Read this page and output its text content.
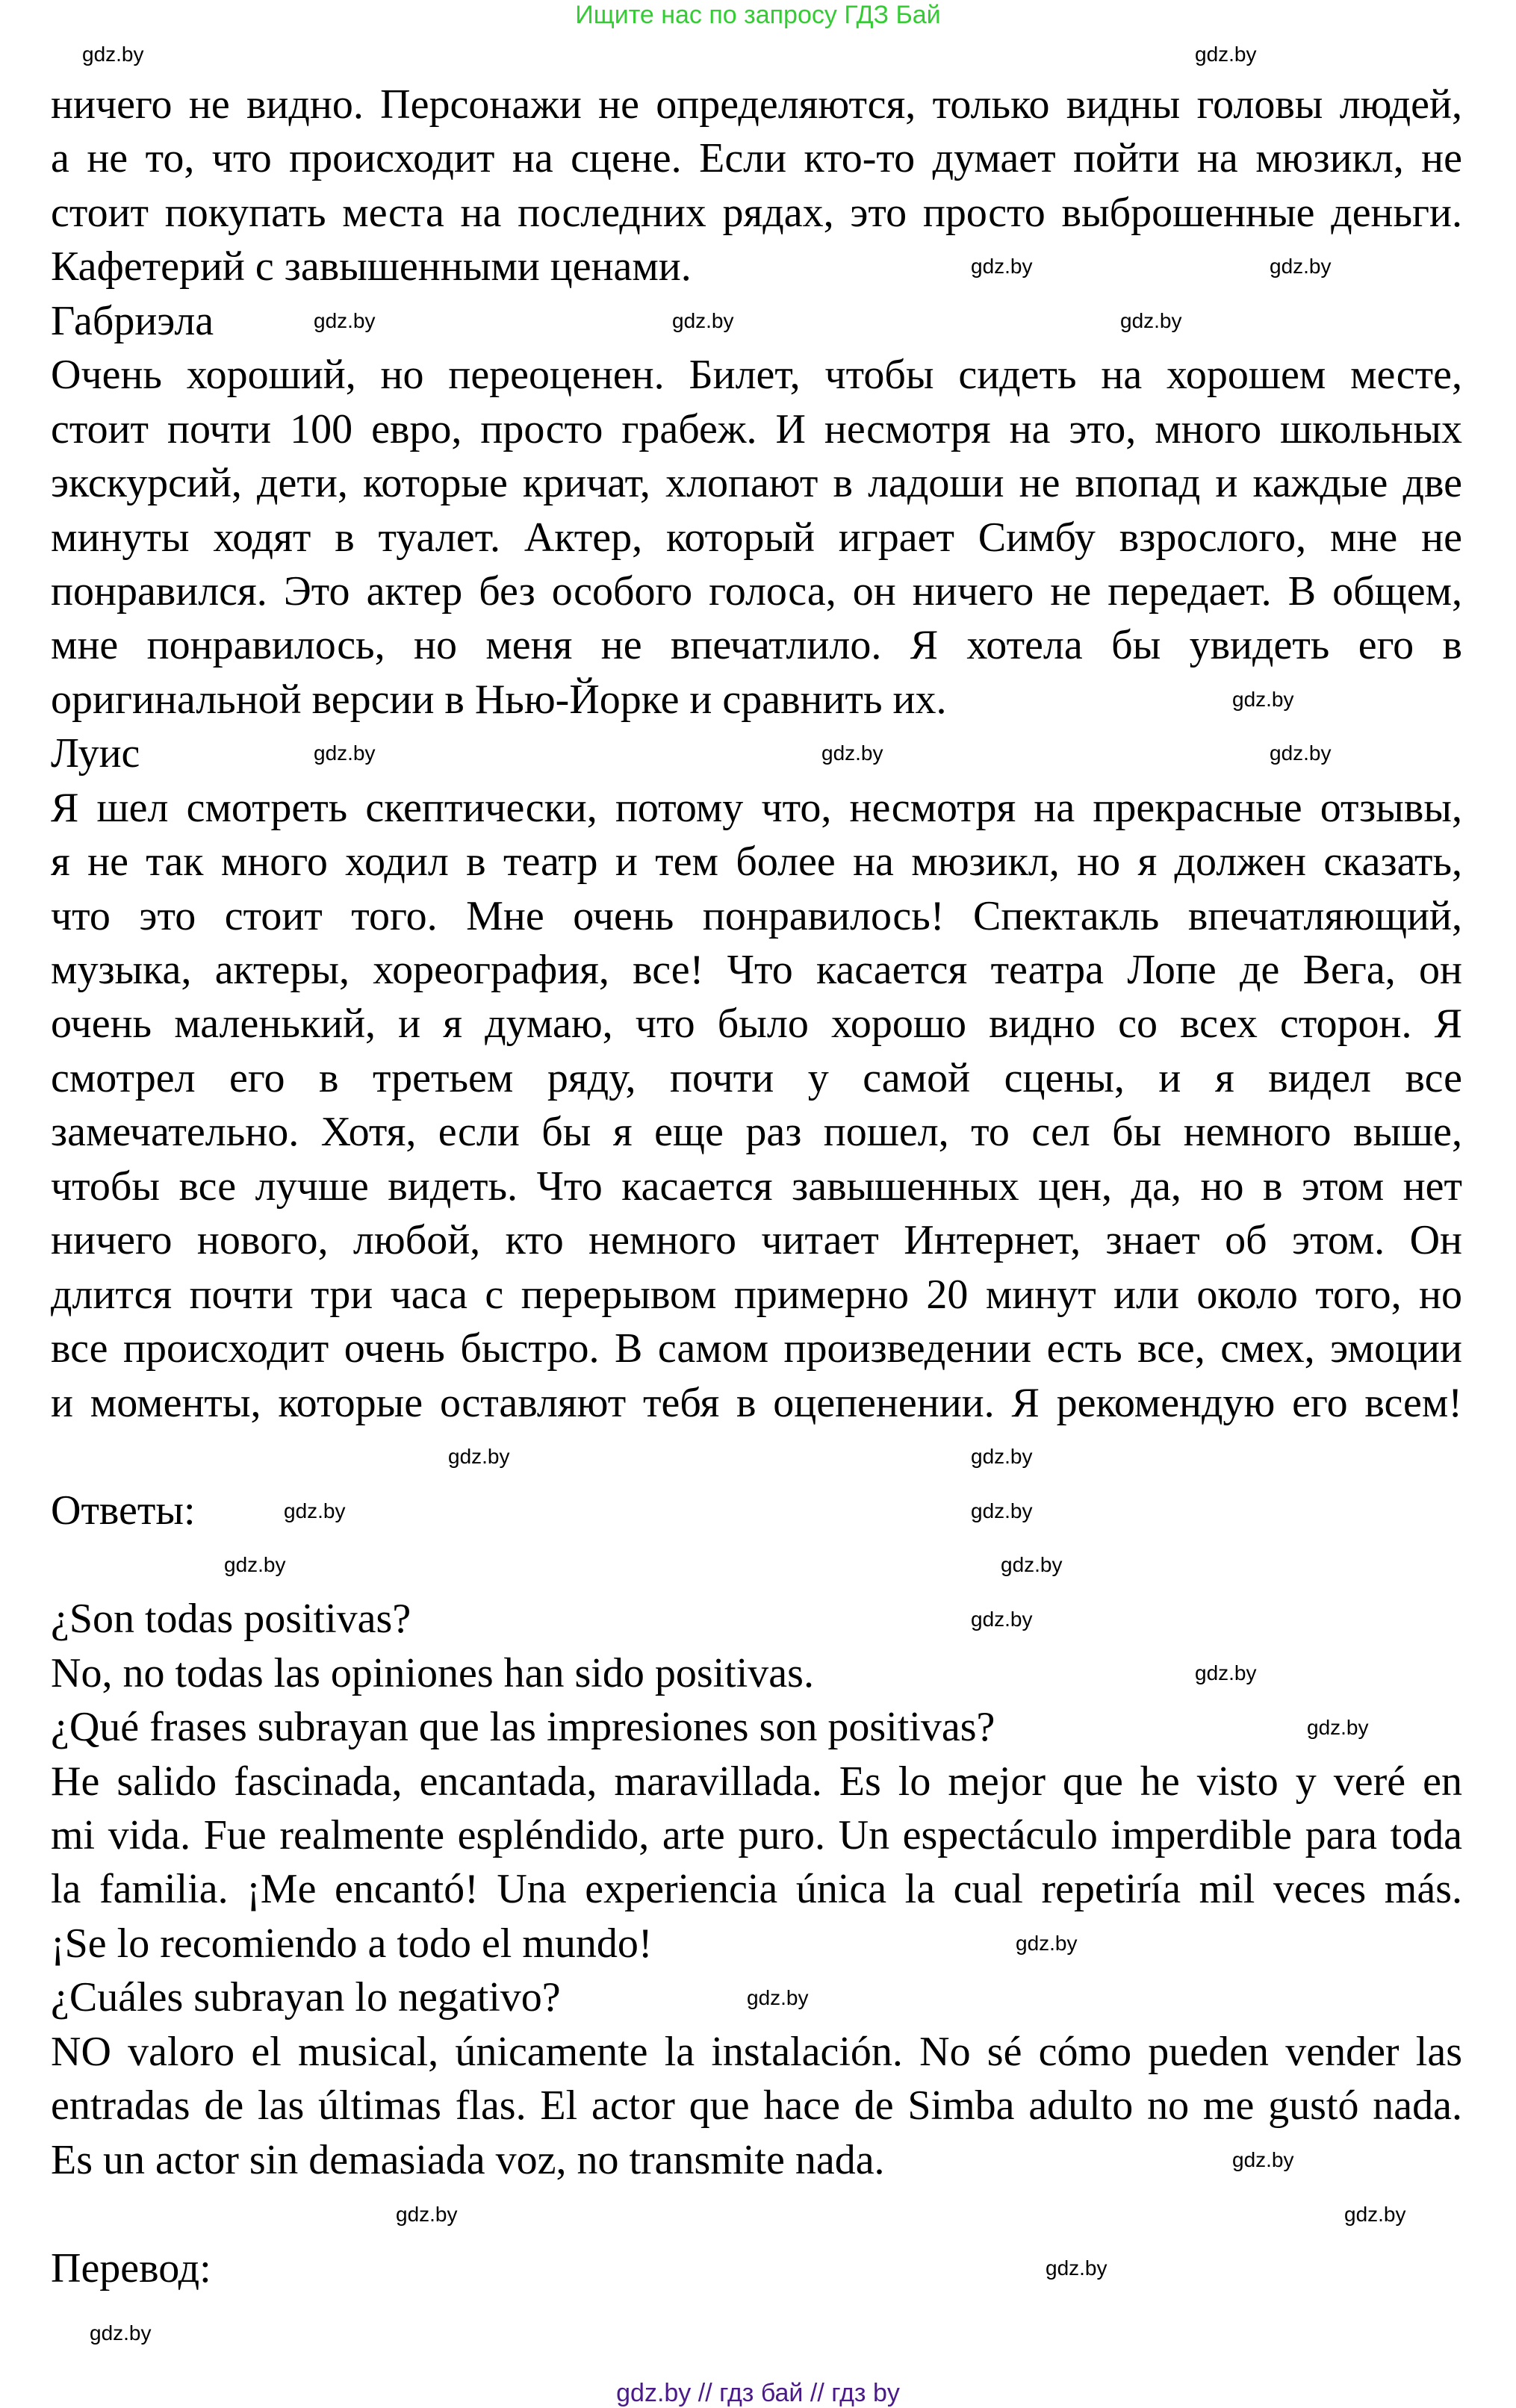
Ищите нас по запросу ГДЗ Бай
ничего не видно. Персонажи не определяются, только видны головы людей,
а не то, что происходит на сцене. Если кто-то думает пойти на мюзикл, не
стоит покупать места на последних рядах, это просто выброшенные деньги.
Кафетерий с завышенными ценами.
Габриэла
Очень хороший, но переоценен. Билет, чтобы сидеть на хорошем месте,
стоит почти 100 евро, просто грабеж. И несмотря на это, много школьных
экскурсий, дети, которые кричат, хлопают в ладоши не впопад и каждые две
минуты ходят в туалет. Актер, который играет Симбу взрослого, мне не
понравился. Это актер без особого голоса, он ничего не передает. В общем,
мне понравилось, но меня не впечатлило. Я хотела бы увидеть его в
оригинальной версии в Нью-Йорке и сравнить их.
Луис
Я шел смотреть скептически, потому что, несмотря на прекрасные отзывы,
я не так много ходил в театр и тем более на мюзикл, но я должен сказать,
что это стоит того. Мне очень понравилось! Спектакль впечатляющий,
музыка, актеры, хореография, все! Что касается театра Лопе де Вега, он
очень маленький, и я думаю, что было хорошо видно со всех сторон. Я
смотрел его в третьем ряду, почти у самой сцены, и я видел все
замечательно. Хотя, если бы я еще раз пошел, то сел бы немного выше,
чтобы все лучше видеть. Что касается завышенных цен, да, но в этом нет
ничего нового, любой, кто немного читает Интернет, знает об этом. Он
длится почти три часа с перерывом примерно 20 минут или около того, но
все происходит очень быстро. В самом произведении есть все, смех, эмоции
и моменты, которые оставляют тебя в оцепенении. Я рекомендую его всем!
Ответы:
¿Son todas positivas?
No, no todas las opiniones han sido positivas.
¿Qué frases subrayan que las impresiones son positivas?
He salido fascinada, encantada, maravillada. Es lo mejor que he visto y veré en
mi vida. Fue realmente espléndido, arte puro. Un espectáculo imperdible para toda
la familia. ¡Me encantó! Una experiencia única la cual repetiría mil veces más.
¡Se lo recomiendo a todo el mundo!
¿Cuáles subrayan lo negativo?
NO valoro el musical, únicamente la instalación. No sé cómo pueden vender las
entradas de las últimas flas. El actor que hace de Simba adulto no me gustó nada.
Es un actor sin demasiada voz, no transmite nada.
Перевод:
gdz.by	gdz.by
gdz.by	gdz.by
gdz.by	gdz.by	gdz.by
gdz.by
gdz.by	gdz.by	gdz.by
gdz.by	gdz.by
gdz.by	gdz.by
gdz.by	gdz.by
gdz.by
gdz.by
gdz.by
gdz.by
gdz.by
gdz.by
gdz.by	gdz.by
gdz.by
gdz.by
gdz.by // гдз бай // гдз by
